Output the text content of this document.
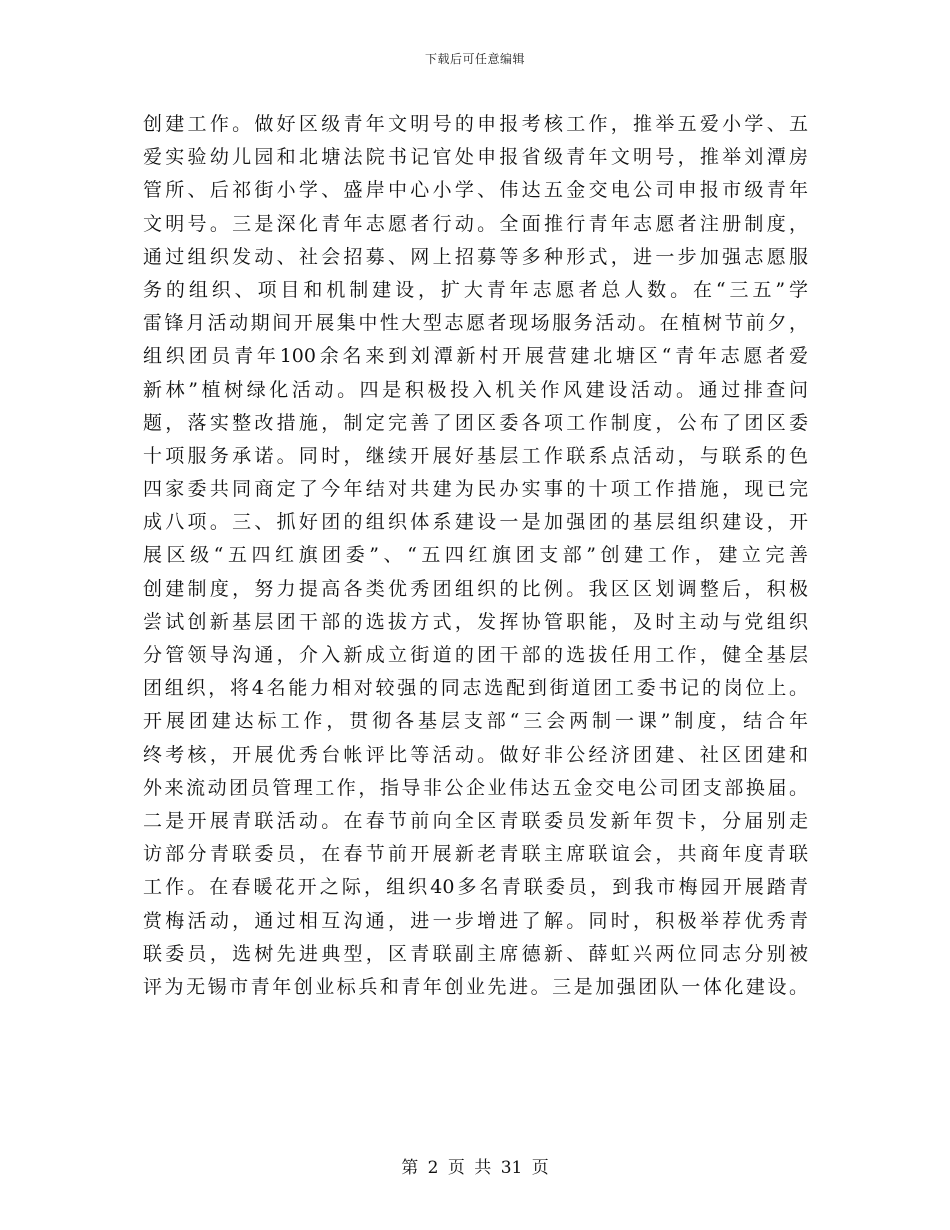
下载后可任意编辑
创建工作。做好区级青年文明号的申报考核工作，推举五爱小学、五
爱实验幼儿园和北塘法院书记官处申报省级青年文明号，推举刘潭房
管所、后祁街小学、盛岸中心小学、伟达五金交电公司申报市级青年
文明号。三是深化青年志愿者行动。全面推行青年志愿者注册制度，
通过组织发动、社会招募、网上招募等多种形式，进一步加强志愿服
务的组织、项目和机制建设，扩大青年志愿者总人数。在“三五”学
雷锋月活动期间开展集中性大型志愿者现场服务活动。在植树节前夕，
组织团员青年100余名来到刘潭新村开展营建北塘区“青年志愿者爱
新林”植树绿化活动。四是积极投入机关作风建设活动。通过排查问
题，落实整改措施，制定完善了团区委各项工作制度，公布了团区委
十项服务承诺。同时，继续开展好基层工作联系点活动，与联系的色
四家委共同商定了今年结对共建为民办实事的十项工作措施，现已完
成八项。三、抓好团的组织体系建设一是加强团的基层组织建设，开
展区级“五四红旗团委”、“五四红旗团支部”创建工作，建立完善
创建制度，努力提高各类优秀团组织的比例。我区区划调整后，积极
尝试创新基层团干部的选拔方式，发挥协管职能，及时主动与党组织
分管领导沟通，介入新成立街道的团干部的选拔任用工作，健全基层
团组织，将4名能力相对较强的同志选配到街道团工委书记的岗位上。
开展团建达标工作，贯彻各基层支部“三会两制一课”制度，结合年
终考核，开展优秀台帐评比等活动。做好非公经济团建、社区团建和
外来流动团员管理工作，指导非公企业伟达五金交电公司团支部换届。
二是开展青联活动。在春节前向全区青联委员发新年贺卡，分届别走
访部分青联委员，在春节前开展新老青联主席联谊会，共商年度青联
工作。在春暖花开之际，组织40多名青联委员，到我市梅园开展踏青
赏梅活动，通过相互沟通，进一步增进了解。同时，积极举荐优秀青
联委员，选树先进典型，区青联副主席德新、薛虹兴两位同志分别被
评为无锡市青年创业标兵和青年创业先进。三是加强团队一体化建设。
第 2 页 共 31 页
